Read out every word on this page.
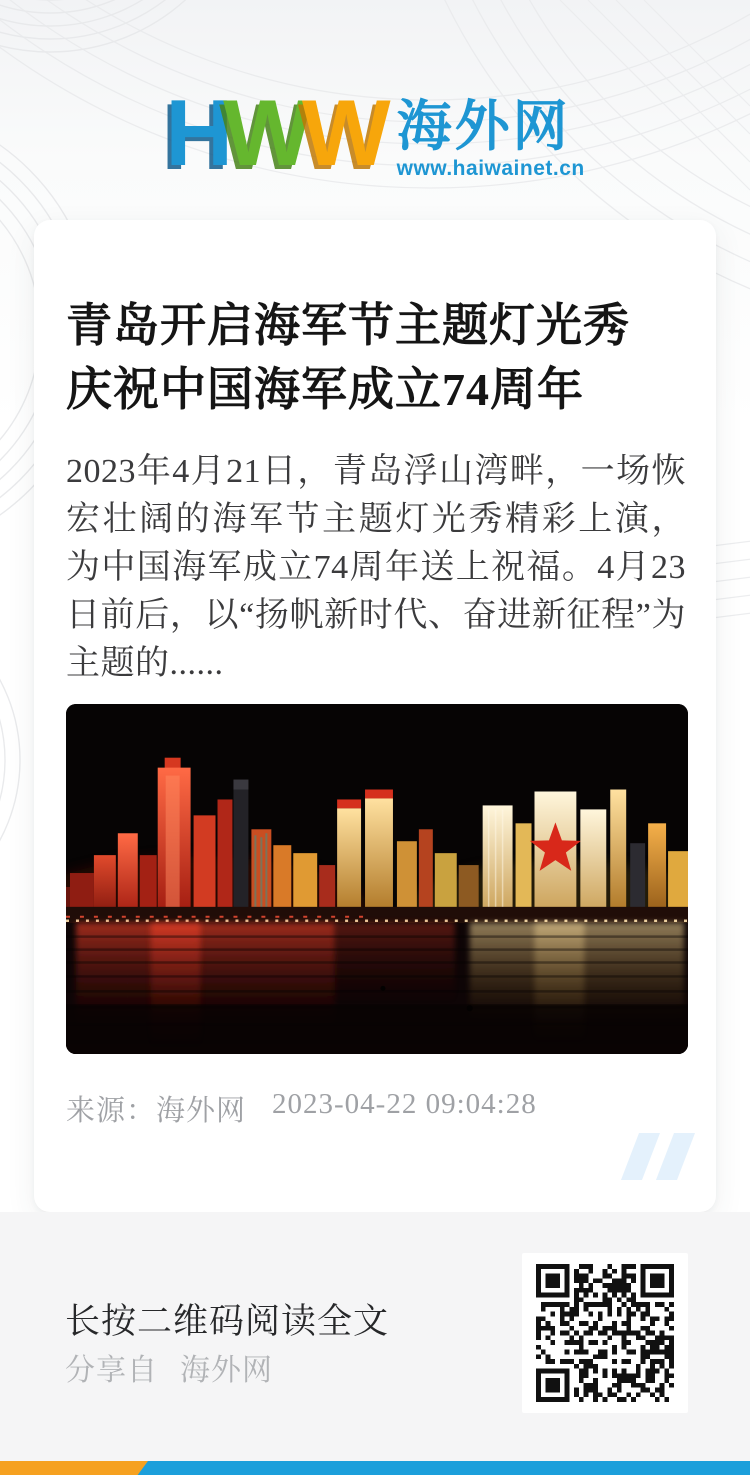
HWW 海外网
www.haiwainet.cn
青岛开启海军节主题灯光秀
庆祝中国海军成立74周年
2023年4月21日，青岛浮山湾畔，一场恢宏壮阔的海军节主题灯光秀精彩上演，为中国海军成立74周年送上祝福。4月23日前后，以“扬帆新时代、奋进新征程”为主题的......
来源：海外网 2023-04-22 09:04:28
长按二维码阅读全文
分享自 海外网
